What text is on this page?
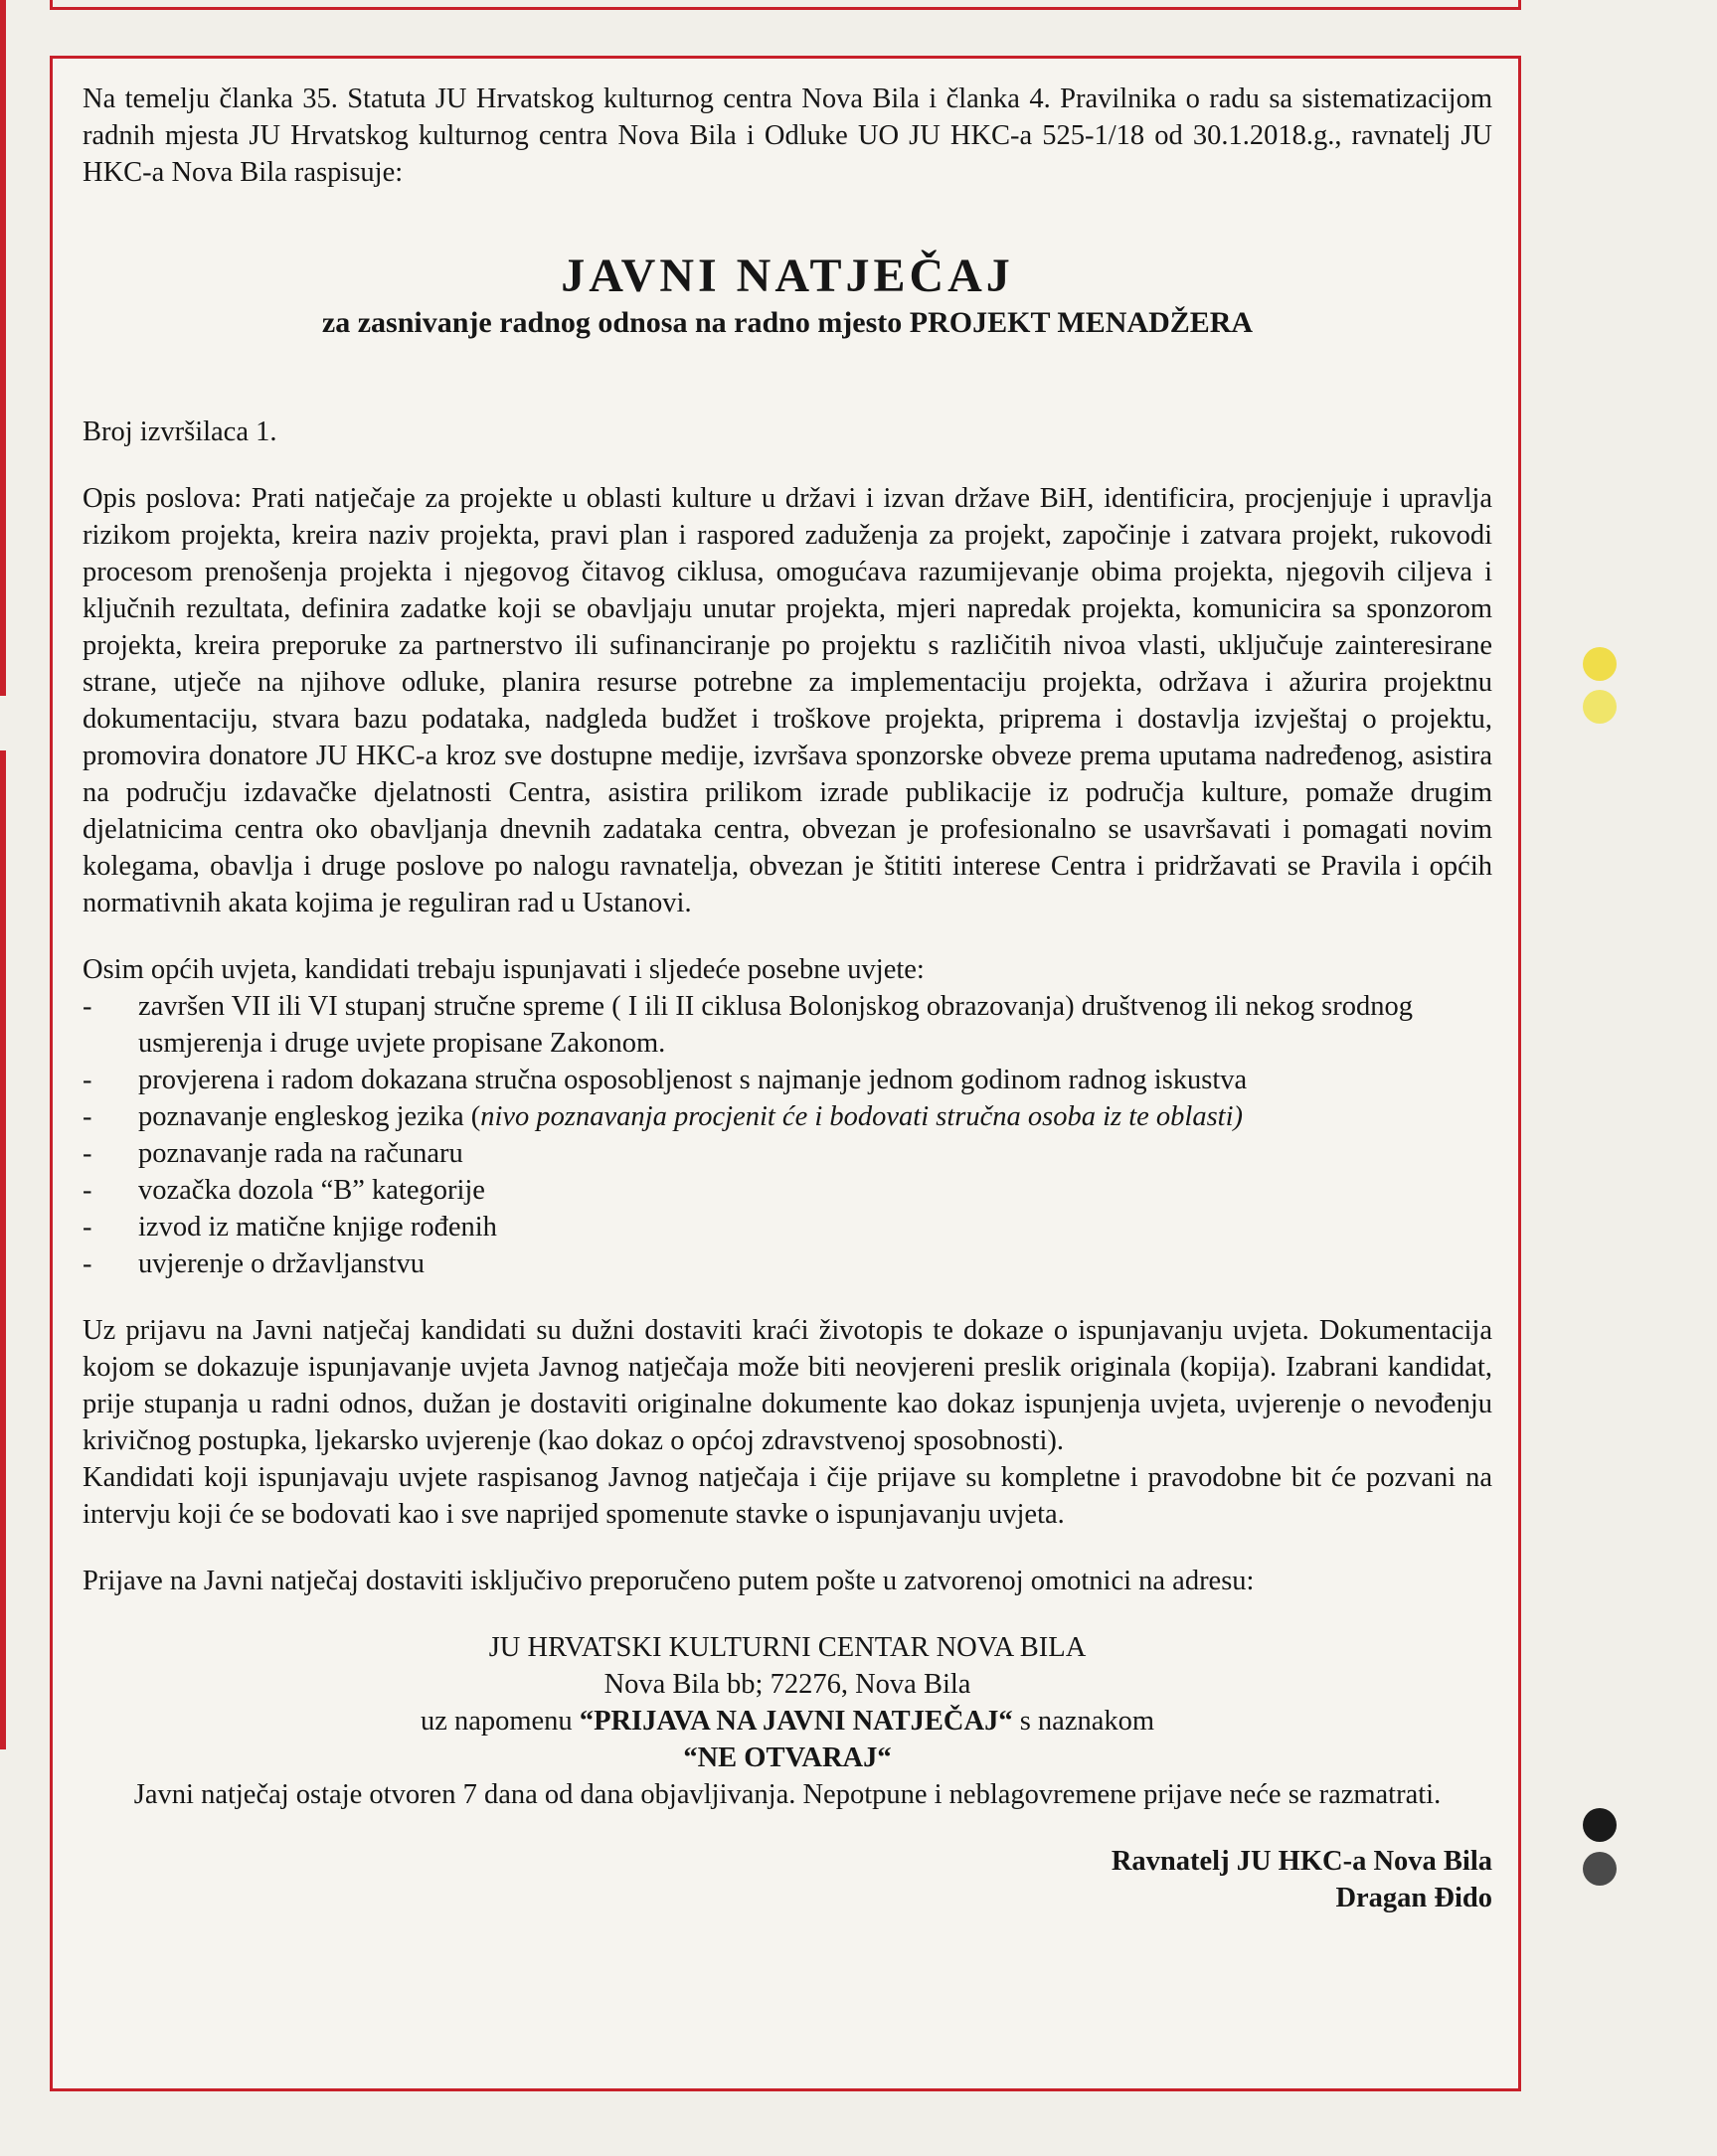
Na temelju članka 35. Statuta JU Hrvatskog kulturnog centra Nova Bila i članka 4. Pravilnika o radu sa sistematizacijom radnih mjesta JU Hrvatskog kulturnog centra Nova Bila i Odluke UO JU HKC-a 525-1/18 od 30.1.2018.g., ravnatelj JU HKC-a Nova Bila raspisuje:

JAVNI NATJEČAJ
za zasnivanje radnog odnosa na radno mjesto PROJEKT MENADŽERA

Broj izvršilaca 1.

Opis poslova: Prati natječaje za projekte u oblasti kulture u državi i izvan države BiH, identificira, procjenjuje i upravlja rizikom projekta, kreira naziv projekta, pravi plan i raspored zaduženja za projekt, započinje i zatvara projekt, rukovodi procesom prenošenja projekta i njegovog čitavog ciklusa, omogućava razumijevanje obima projekta, njegovih ciljeva i ključnih rezultata, definira zadatke koji se obavljaju unutar projekta, mjeri napredak projekta, komunicira sa sponzorom projekta, kreira preporuke za partnerstvo ili sufinanciranje po projektu s različitih nivoa vlasti, uključuje zainteresirane strane, utječe na njihove odluke, planira resurse potrebne za implementaciju projekta, održava i ažurira projektnu dokumentaciju, stvara bazu podataka, nadgleda budžet i troškove projekta, priprema i dostavlja izvještaj o projektu, promovira donatore JU HKC-a kroz sve dostupne medije, izvršava sponzorske obveze prema uputama nadređenog, asistira na području izdavačke djelatnosti Centra, asistira prilikom izrade publikacije iz područja kulture, pomaže drugim djelatnicima centra oko obavljanja dnevnih zadataka centra, obvezan je profesionalno se usavršavati i pomagati novim kolegama, obavlja i druge poslove po nalogu ravnatelja, obvezan je štititi interese Centra i pridržavati se Pravila i općih normativnih akata kojima je reguliran rad u Ustanovi.

Osim općih uvjeta, kandidati trebaju ispunjavati i sljedeće posebne uvjete:

- završen VII ili VI stupanj stručne spreme ( I ili II ciklusa Bolonjskog obrazovanja) društvenog ili nekog srodnog usmjerenja i druge uvjete propisane Zakonom.
- provjerena i radom dokazana stručna osposobljenost s najmanje jednom godinom radnog iskustva
- poznavanje engleskog jezika (nivo poznavanja procjenit će i bodovati stručna osoba iz te oblasti)
- poznavanje rada na računaru
- vozačka dozola “B” kategorije
- izvod iz matične knjige rođenih
- uvjerenje o državljanstvu

Uz prijavu na Javni natječaj kandidati su dužni dostaviti kraći životopis te dokaze o ispunjavanju uvjeta. Dokumentacija kojom se dokazuje ispunjavanje uvjeta Javnog natječaja može biti neovjereni preslik originala (kopija). Izabrani kandidat, prije stupanja u radni odnos, dužan je dostaviti originalne dokumente kao dokaz ispunjenja uvjeta, uvjerenje o nevođenju krivičnog postupka, ljekarsko uvjerenje (kao dokaz o općoj zdravstvenoj sposobnosti).

Kandidati koji ispunjavaju uvjete raspisanog Javnog natječaja i čije prijave su kompletne i pravodobne bit će pozvani na intervju koji će se bodovati kao i sve naprijed spomenute stavke o ispunjavanju uvjeta.

Prijave na Javni natječaj dostaviti isključivo preporučeno putem pošte u zatvorenoj omotnici na adresu:

JU HRVATSKI KULTURNI CENTAR NOVA BILA

Nova Bila bb; 72276, Nova Bila

uz napomenu “PRIJAVA NA JAVNI NATJEČAJ“ s naznakom

“NE OTVARAJ“

Javni natječaj ostaje otvoren 7 dana od dana objavljivanja. Nepotpune i neblagovremene prijave neće se razmatrati.

Ravnatelj JU HKC-a Nova Bila

Dragan Đido
